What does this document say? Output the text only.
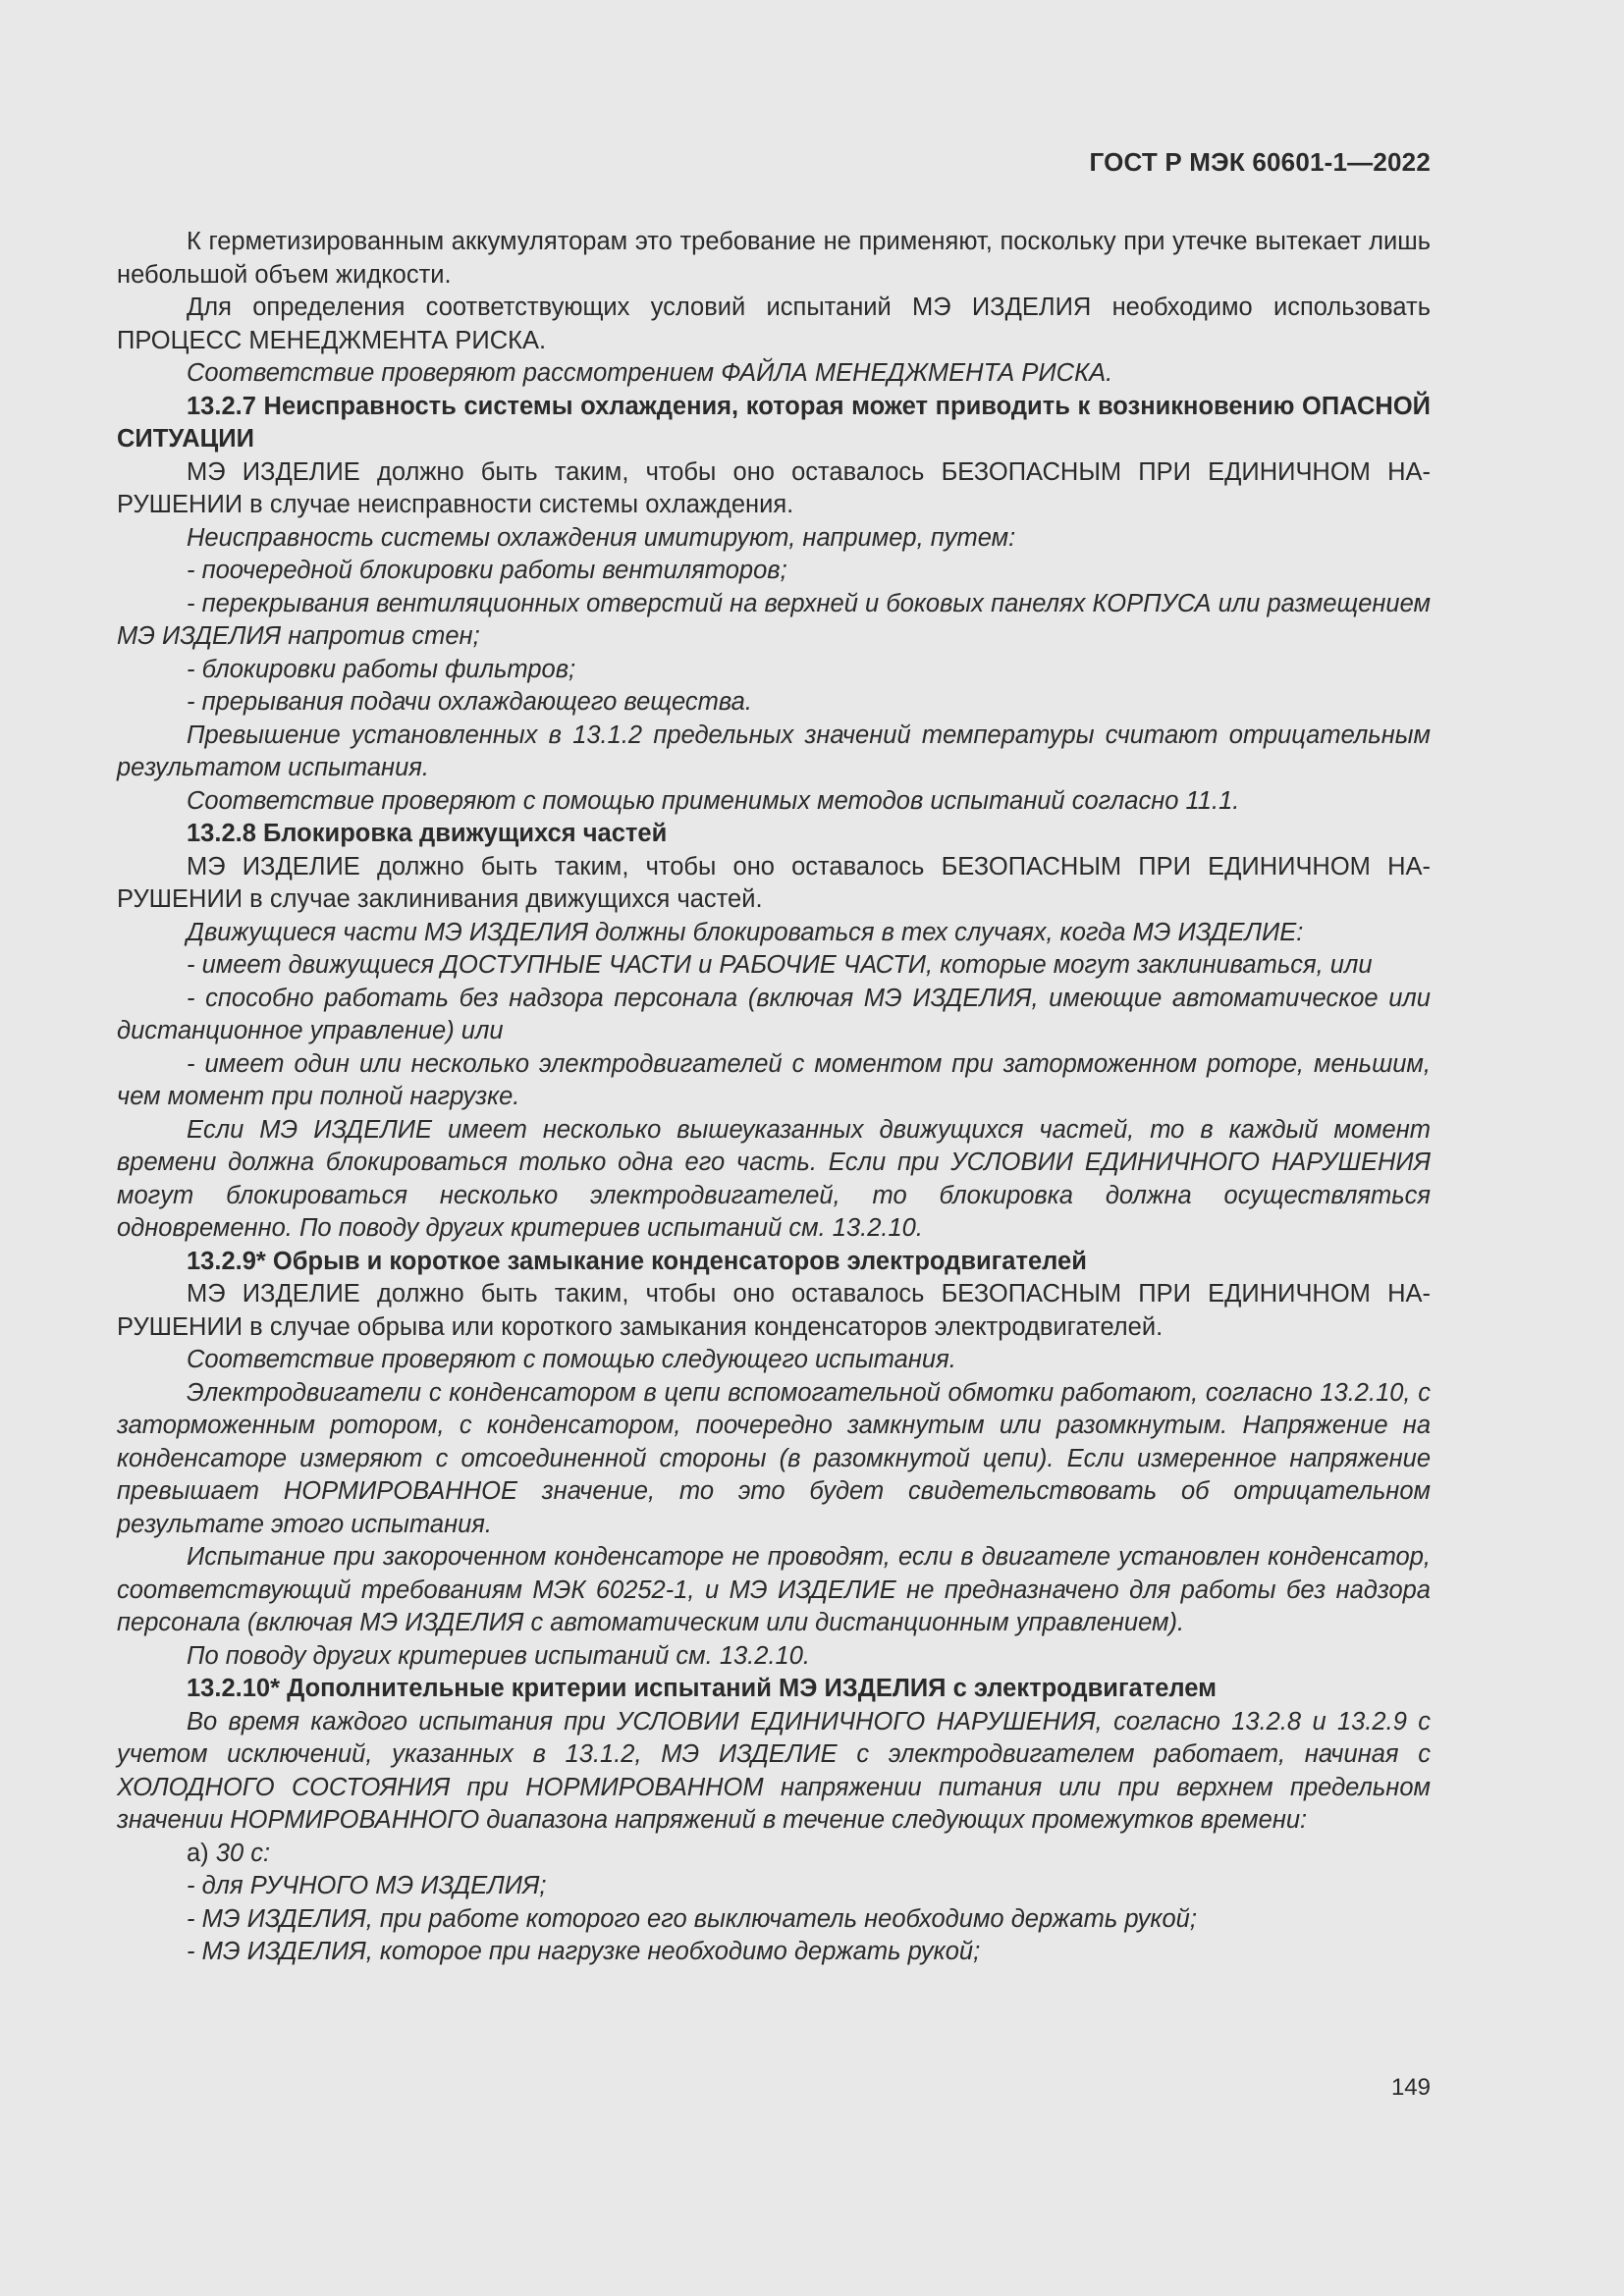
ГОСТ Р МЭК 60601-1—2022

К герметизированным аккумуляторам это требование не применяют, поскольку при утечке вытекает лишь небольшой объем жидкости.

Для определения соответствующих условий испытаний МЭ ИЗДЕЛИЯ необходимо использовать ПРОЦЕСС МЕНЕДЖМЕНТА РИСКА.

Соответствие проверяют рассмотрением ФАЙЛА МЕНЕДЖМЕНТА РИСКА.

13.2.7 Неисправность системы охлаждения, которая может приводить к возникновению ОПАСНОЙ СИТУАЦИИ

МЭ ИЗДЕЛИЕ должно быть таким, чтобы оно оставалось БЕЗОПАСНЫМ ПРИ ЕДИНИЧНОМ НАРУШЕНИИ в случае неисправности системы охлаждения.

Неисправность системы охлаждения имитируют, например, путем:

- поочередной блокировки работы вентиляторов;

- перекрывания вентиляционных отверстий на верхней и боковых панелях КОРПУСА или размещением МЭ ИЗДЕЛИЯ напротив стен;

- блокировки работы фильтров;

- прерывания подачи охлаждающего вещества.

Превышение установленных в 13.1.2 предельных значений температуры считают отрицательным результатом испытания.

Соответствие проверяют с помощью применимых методов испытаний согласно 11.1.

13.2.8 Блокировка движущихся частей

МЭ ИЗДЕЛИЕ должно быть таким, чтобы оно оставалось БЕЗОПАСНЫМ ПРИ ЕДИНИЧНОМ НАРУШЕНИИ в случае заклинивания движущихся частей.

Движущиеся части МЭ ИЗДЕЛИЯ должны блокироваться в тех случаях, когда МЭ ИЗДЕЛИЕ:

- имеет движущиеся ДОСТУПНЫЕ ЧАСТИ и РАБОЧИЕ ЧАСТИ, которые могут заклиниваться, или

- способно работать без надзора персонала (включая МЭ ИЗДЕЛИЯ, имеющие автоматическое или дистанционное управление) или

- имеет один или несколько электродвигателей с моментом при заторможенном роторе, меньшим, чем момент при полной нагрузке.

Если МЭ ИЗДЕЛИЕ имеет несколько вышеуказанных движущихся частей, то в каждый момент времени должна блокироваться только одна его часть. Если при УСЛОВИИ ЕДИНИЧНОГО НАРУШЕНИЯ могут блокироваться несколько электродвигателей, то блокировка должна осуществляться одновременно. По поводу других критериев испытаний см. 13.2.10.

13.2.9* Обрыв и короткое замыкание конденсаторов электродвигателей

МЭ ИЗДЕЛИЕ должно быть таким, чтобы оно оставалось БЕЗОПАСНЫМ ПРИ ЕДИНИЧНОМ НАРУШЕНИИ в случае обрыва или короткого замыкания конденсаторов электродвигателей.

Соответствие проверяют с помощью следующего испытания.

Электродвигатели с конденсатором в цепи вспомогательной обмотки работают, согласно 13.2.10, с заторможенным ротором, с конденсатором, поочередно замкнутым или разомкнутым. Напряжение на конденсаторе измеряют с отсоединенной стороны (в разомкнутой цепи). Если измеренное напряжение превышает НОРМИРОВАННОЕ значение, то это будет свидетельствовать об отрицательном результате этого испытания.

Испытание при закороченном конденсаторе не проводят, если в двигателе установлен конденсатор, соответствующий требованиям МЭК 60252-1, и МЭ ИЗДЕЛИЕ не предназначено для работы без надзора персонала (включая МЭ ИЗДЕЛИЯ с автоматическим или дистанционным управлением).

По поводу других критериев испытаний см. 13.2.10.

13.2.10* Дополнительные критерии испытаний МЭ ИЗДЕЛИЯ с электродвигателем

Во время каждого испытания при УСЛОВИИ ЕДИНИЧНОГО НАРУШЕНИЯ, согласно 13.2.8 и 13.2.9 с учетом исключений, указанных в 13.1.2, МЭ ИЗДЕЛИЕ с электродвигателем работает, начиная с ХОЛОДНОГО СОСТОЯНИЯ при НОРМИРОВАННОМ напряжении питания или при верхнем предельном значении НОРМИРОВАННОГО диапазона напряжений в течение следующих промежутков времени:

а) 30 с:

- для РУЧНОГО МЭ ИЗДЕЛИЯ;

- МЭ ИЗДЕЛИЯ, при работе которого его выключатель необходимо держать рукой;

- МЭ ИЗДЕЛИЯ, которое при нагрузке необходимо держать рукой;

149
